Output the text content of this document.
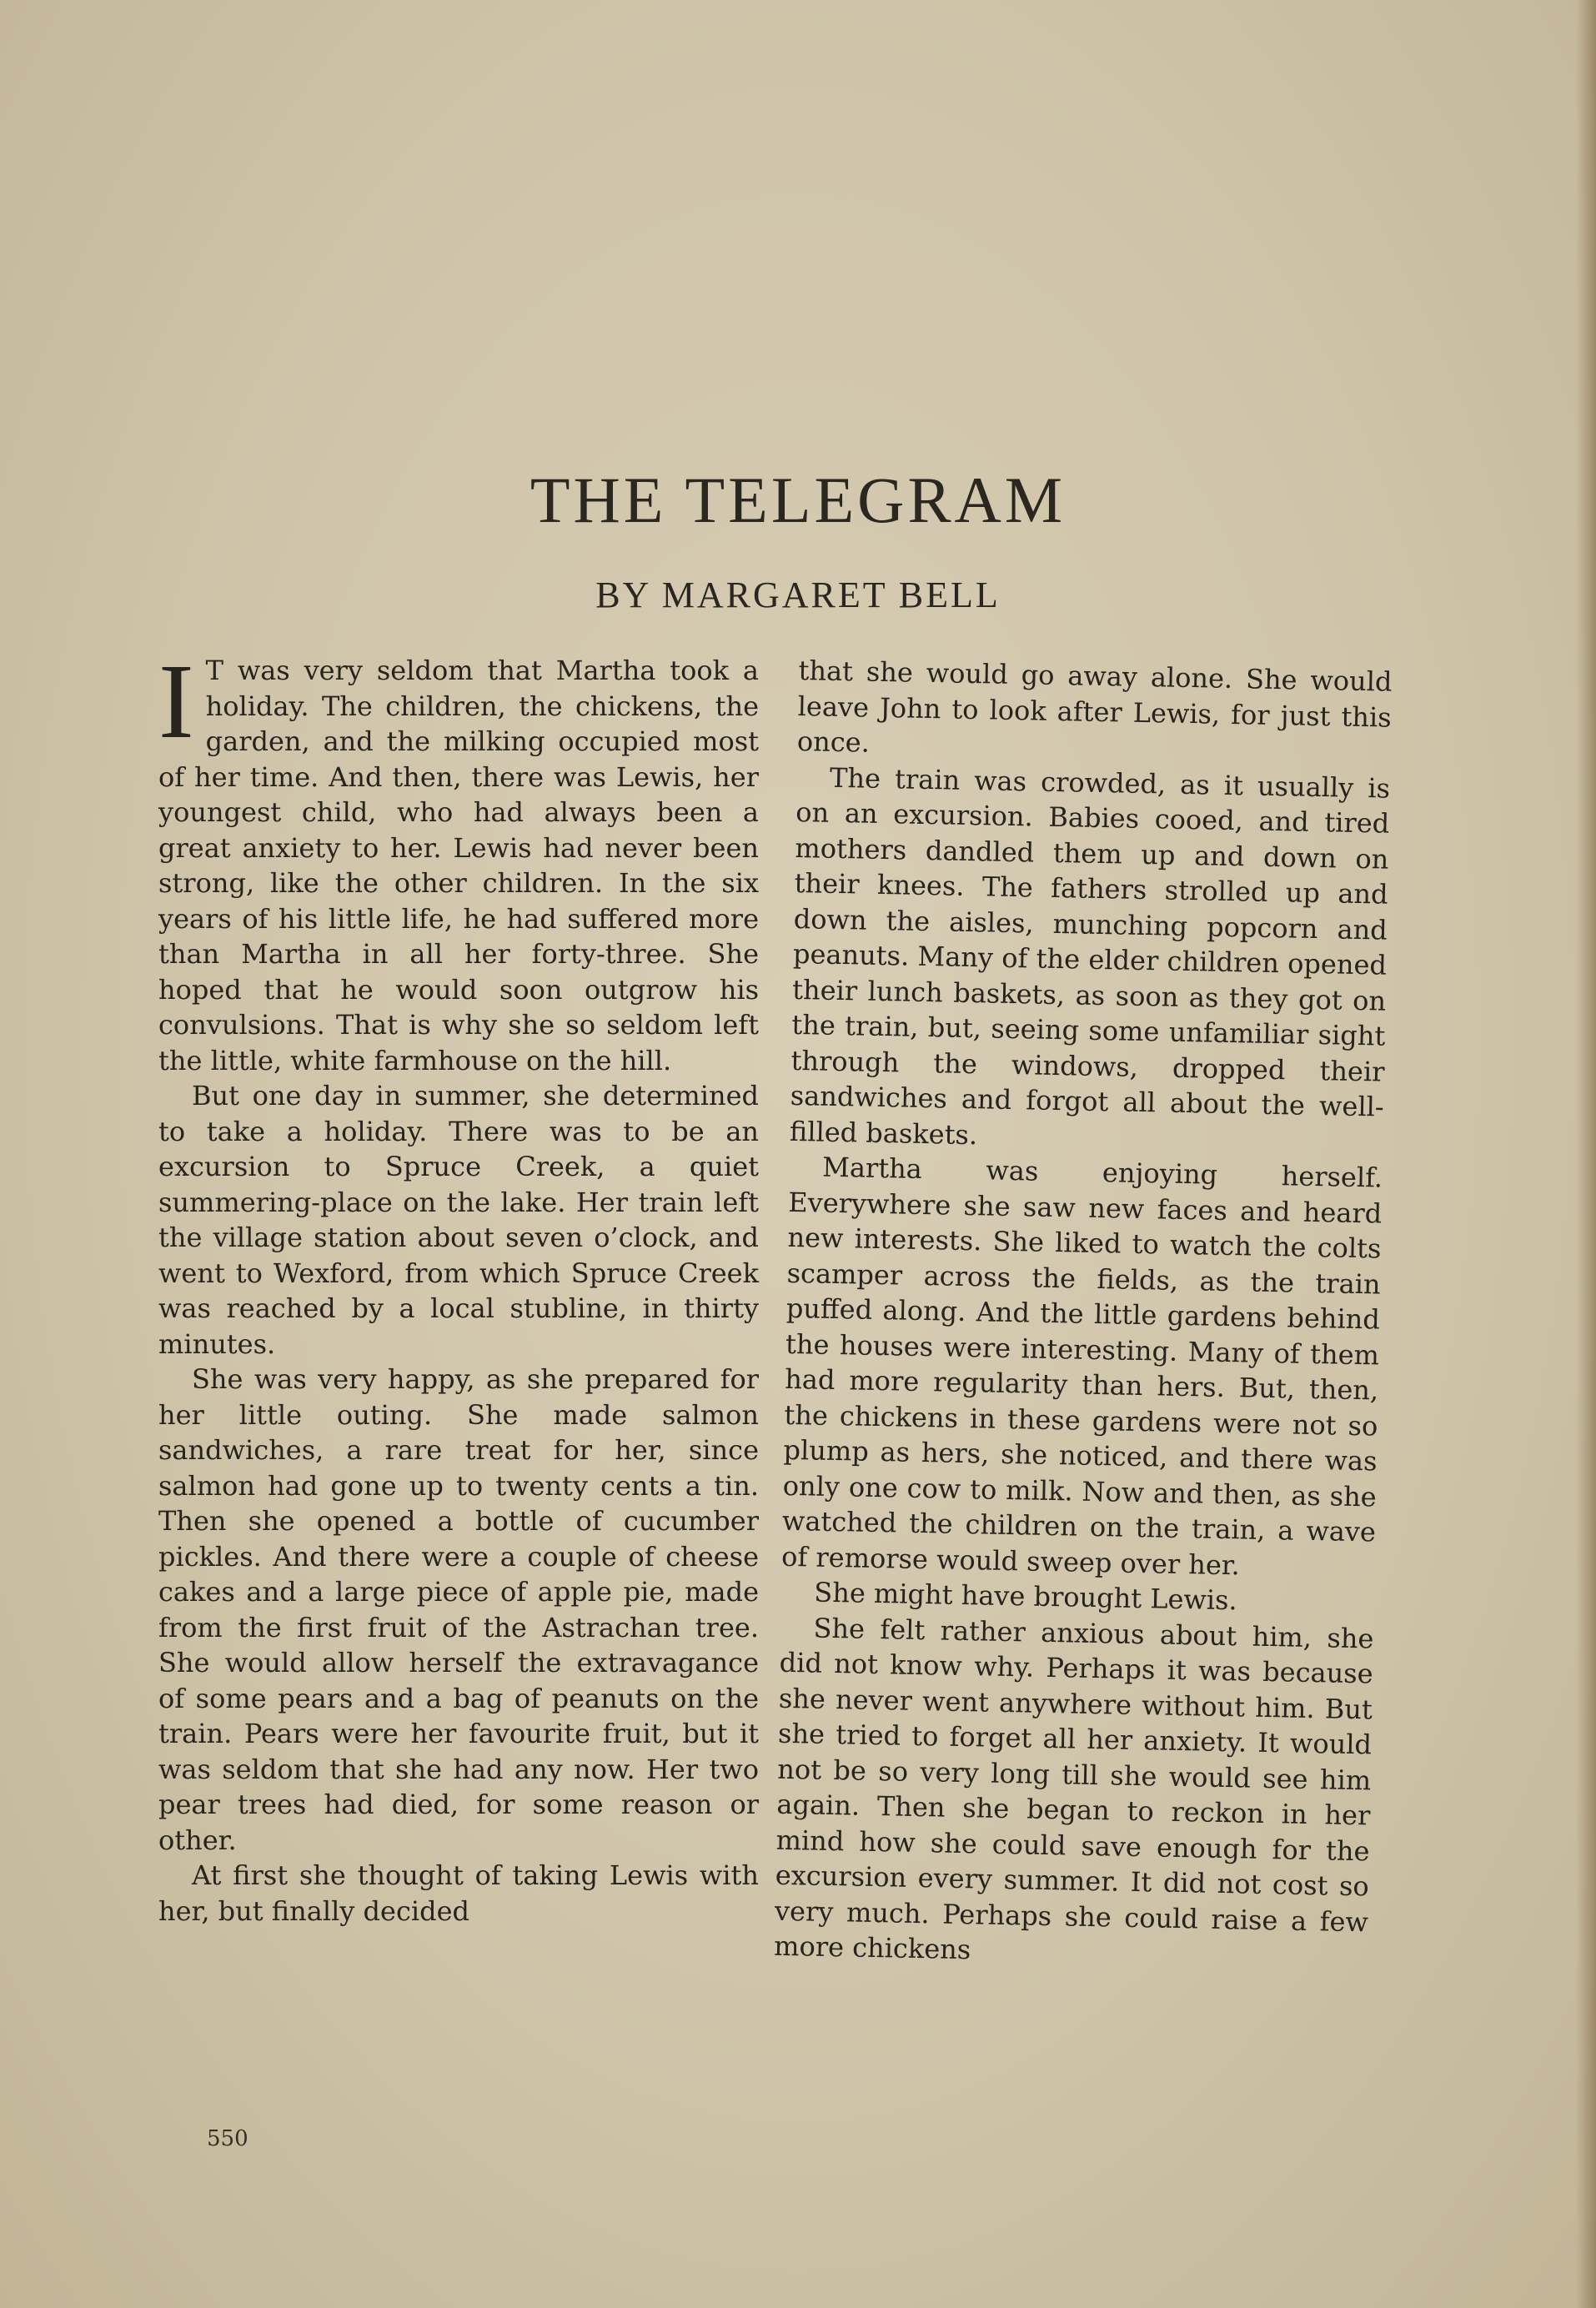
THE TELEGRAM
BY MARGARET BELL

I T was very seldom that Martha took a holiday. The children, the chickens, the garden, and the milking occupied most of her time. And then, there was Lewis, her youngest child, who had always been a great anxiety to her. Lewis had never been strong, like the other children. In the six years of his little life, he had suffered more than Martha in all her forty-three. She hoped that he would soon outgrow his convulsions. That is why she so seldom left the little, white farmhouse on the hill.

But one day in summer, she determined to take a holiday. There was to be an excursion to Spruce Creek, a quiet summering-place on the lake. Her train left the village station about seven o’clock, and went to Wexford, from which Spruce Creek was reached by a local stubline, in thirty minutes.

She was very happy, as she prepared for her little outing. She made salmon sandwiches, a rare treat for her, since salmon had gone up to twenty cents a tin. Then she opened a bottle of cucumber pickles. And there were a couple of cheese cakes and a large piece of apple pie, made from the first fruit of the Astrachan tree. She would allow herself the extravagance of some pears and a bag of peanuts on the train. Pears were her favourite fruit, but it was seldom that she had any now. Her two pear trees had died, for some reason or other.

At first she thought of taking Lewis with her, but finally decided

that she would go away alone. She would leave John to look after Lewis, for just this once.

The train was crowded, as it usually is on an excursion. Babies cooed, and tired mothers dandled them up and down on their knees. The fathers strolled up and down the aisles, munching popcorn and peanuts. Many of the elder children opened their lunch baskets, as soon as they got on the train, but, seeing some unfamiliar sight through the windows, dropped their sandwiches and forgot all about the well-filled baskets.

Martha was enjoying herself. Everywhere she saw new faces and heard new interests. She liked to watch the colts scamper across the fields, as the train puffed along. And the little gardens behind the houses were interesting. Many of them had more regularity than hers. But, then, the chickens in these gardens were not so plump as hers, she noticed, and there was only one cow to milk. Now and then, as she watched the children on the train, a wave of remorse would sweep over her.

She might have brought Lewis.

She felt rather anxious about him, she did not know why. Perhaps it was because she never went anywhere without him. But she tried to forget all her anxiety. It would not be so very long till she would see him again. Then she began to reckon in her mind how she could save enough for the excursion every summer. It did not cost so very much. Perhaps she could raise a few more chickens

550
